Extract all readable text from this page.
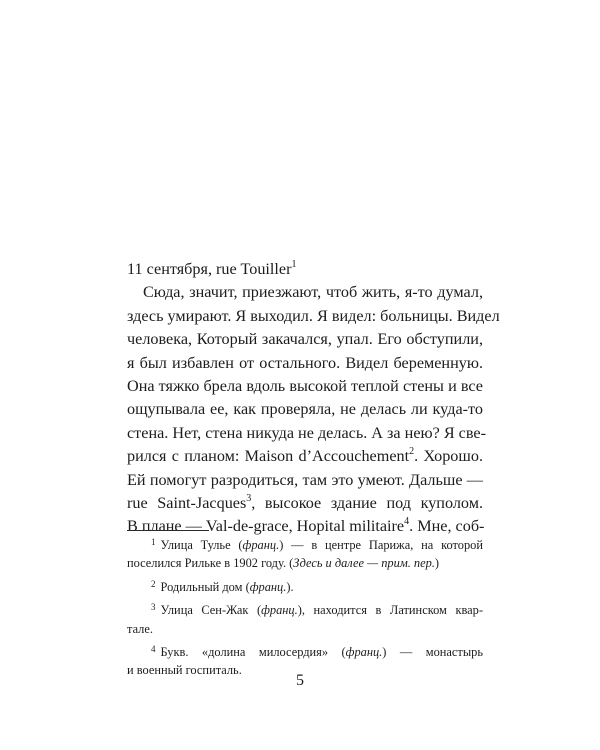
11 сентября, rue Touiller$^1$
Сюда, значит, приезжают, чтоб жить, я-то думал,
здесь умирают. Я выходил. Я видел: больницы. Видел
человека, Который закачался, упал. Его обступили,
я был избавлен от остального. Видел беременную.
Она тяжко брела вдоль высокой теплой стены и все
ощупывала ее, как проверяла, не делась ли куда-то
стена. Нет, стена никуда не делась. А за нею? Я све-
рился с планом: Maison d’Accouchement$^2$. Хорошо.
Ей помогут разродиться, там это умеют. Дальше —
rue Saint-Jacques$^3$, высокое здание под куполом.
В плане — Val-de-grace, Hopital militaire$^4$. Мне, соб-
$^1$ Улица Тулье (франц.) — в центре Парижа, на которой
поселился Рильке в 1902 году. (Здесь и далее — прим. пер.)
$^2$ Родильный дом (франц.).
$^3$ Улица Сен-Жак (франц.), находится в Латинском квар-
тале.
$^4$ Букв. «долина милосердия» (франц.) — монастырь
и военный госпиталь.
5
